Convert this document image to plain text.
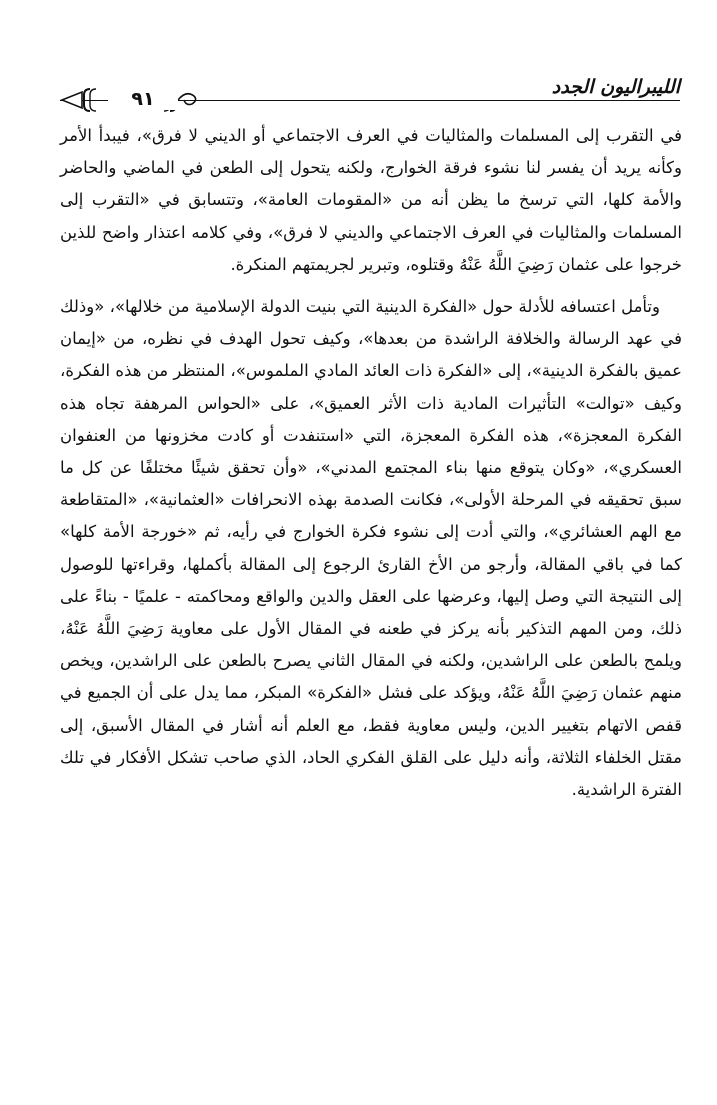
٩١
الليبراليون الجدد

في التقرب إلى المسلمات والمثاليات في العرف الاجتماعي أو الديني لا فرق»، فيبدأ الأمر وكأنه يريد أن يفسر لنا نشوء فرقة الخوارج، ولكنه يتحول إلى الطعن في الماضي والحاضر والأمة كلها، التي ترسخ ما يظن أنه من «المقومات العامة»، وتتسابق في «التقرب إلى المسلمات والمثاليات في العرف الاجتماعي والديني لا فرق»، وفي كلامه اعتذار واضح للذين خرجوا على عثمان رَضِيَ اللَّهُ عَنْهُ وقتلوه، وتبرير لجريمتهم المنكرة.

وتأمل اعتسافه للأدلة حول «الفكرة الدينية التي بنيت الدولة الإسلامية من خلالها»، «وذلك في عهد الرسالة والخلافة الراشدة من بعدها»، وكيف تحول الهدف في نظره، من «إيمان عميق بالفكرة الدينية»، إلى «الفكرة ذات العائد المادي الملموس»، المنتظر من هذه الفكرة، وكيف «توالت» التأثيرات المادية ذات الأثر العميق»، على «الحواس المرهفة تجاه هذه الفكرة المعجزة»، هذه الفكرة المعجزة، التي «استنفدت أو كادت مخزونها من العنفوان العسكري»، «وكان يتوقع منها بناء المجتمع المدني»، «وأن تحقق شيئًا مختلفًا عن كل ما سبق تحقيقه في المرحلة الأولى»، فكانت الصدمة بهذه الانحرافات «العثمانية»، «المتقاطعة مع الهم العشائري»، والتي أدت إلى نشوء فكرة الخوارج في رأيه، ثم «خورجة الأمة كلها» كما في باقي المقالة، وأرجو من الأخ القارئ الرجوع إلى المقالة بأكملها، وقراءتها للوصول إلى النتيجة التي وصل إليها، وعرضها على العقل والدين والواقع ومحاكمته - علميًا - بناءً على ذلك، ومن المهم التذكير بأنه يركز في طعنه في المقال الأول على معاوية رَضِيَ اللَّهُ عَنْهُ، ويلمح بالطعن على الراشدين، ولكنه في المقال الثاني يصرح بالطعن على الراشدين، ويخص منهم عثمان رَضِيَ اللَّهُ عَنْهُ، ويؤكد على فشل «الفكرة» المبكر، مما يدل على أن الجميع في قفص الاتهام بتغيير الدين، وليس معاوية فقط، مع العلم أنه أشار في المقال الأسبق، إلى مقتل الخلفاء الثلاثة، وأنه دليل على القلق الفكري الحاد، الذي صاحب تشكل الأفكار في تلك الفترة الراشدية.
